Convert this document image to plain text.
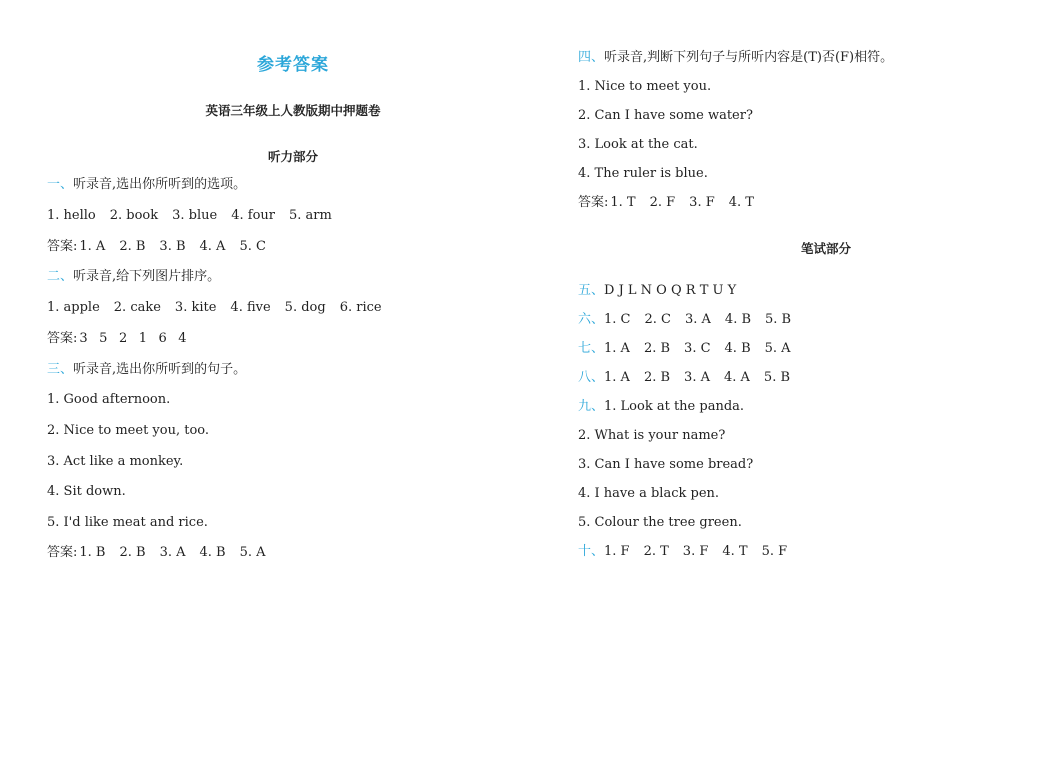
参考答案
英语三年级上人教版期中押题卷
听力部分
笔试部分
一、听录音,选出你所听到的选项。
1. hello 2. book 3. blue 4. four 5. arm
答案: 1. A 2. B 3. B 4. A 5. C
二、听录音,给下列图片排序。
1. apple 2. cake 3. kite 4. five 5. dog 6. rice
答案: 3 5 2 1 6 4
三、听录音,选出你所听到的句子。
1. Good afternoon.
2. Nice to meet you, too.
3. Act like a monkey.
4. Sit down.
5. I'd like meat and rice.
答案: 1. B 2. B 3. A 4. B 5. A
四、听录音,判断下列句子与所听内容是(T)否(F)相符。
1. Nice to meet you.
2. Can I have some water?
3. Look at the cat.
4. The ruler is blue.
答案: 1. T 2. F 3. F 4. T
五、D J L N O Q R T U Y
六、1. C 2. C 3. A 4. B 5. B
七、1. A 2. B 3. C 4. B 5. A
八、1. A 2. B 3. A 4. A 5. B
九、1. Look at the panda.
2. What is your name?
3. Can I have some bread?
4. I have a black pen.
5. Colour the tree green.
十、1. F 2. T 3. F 4. T 5. F
